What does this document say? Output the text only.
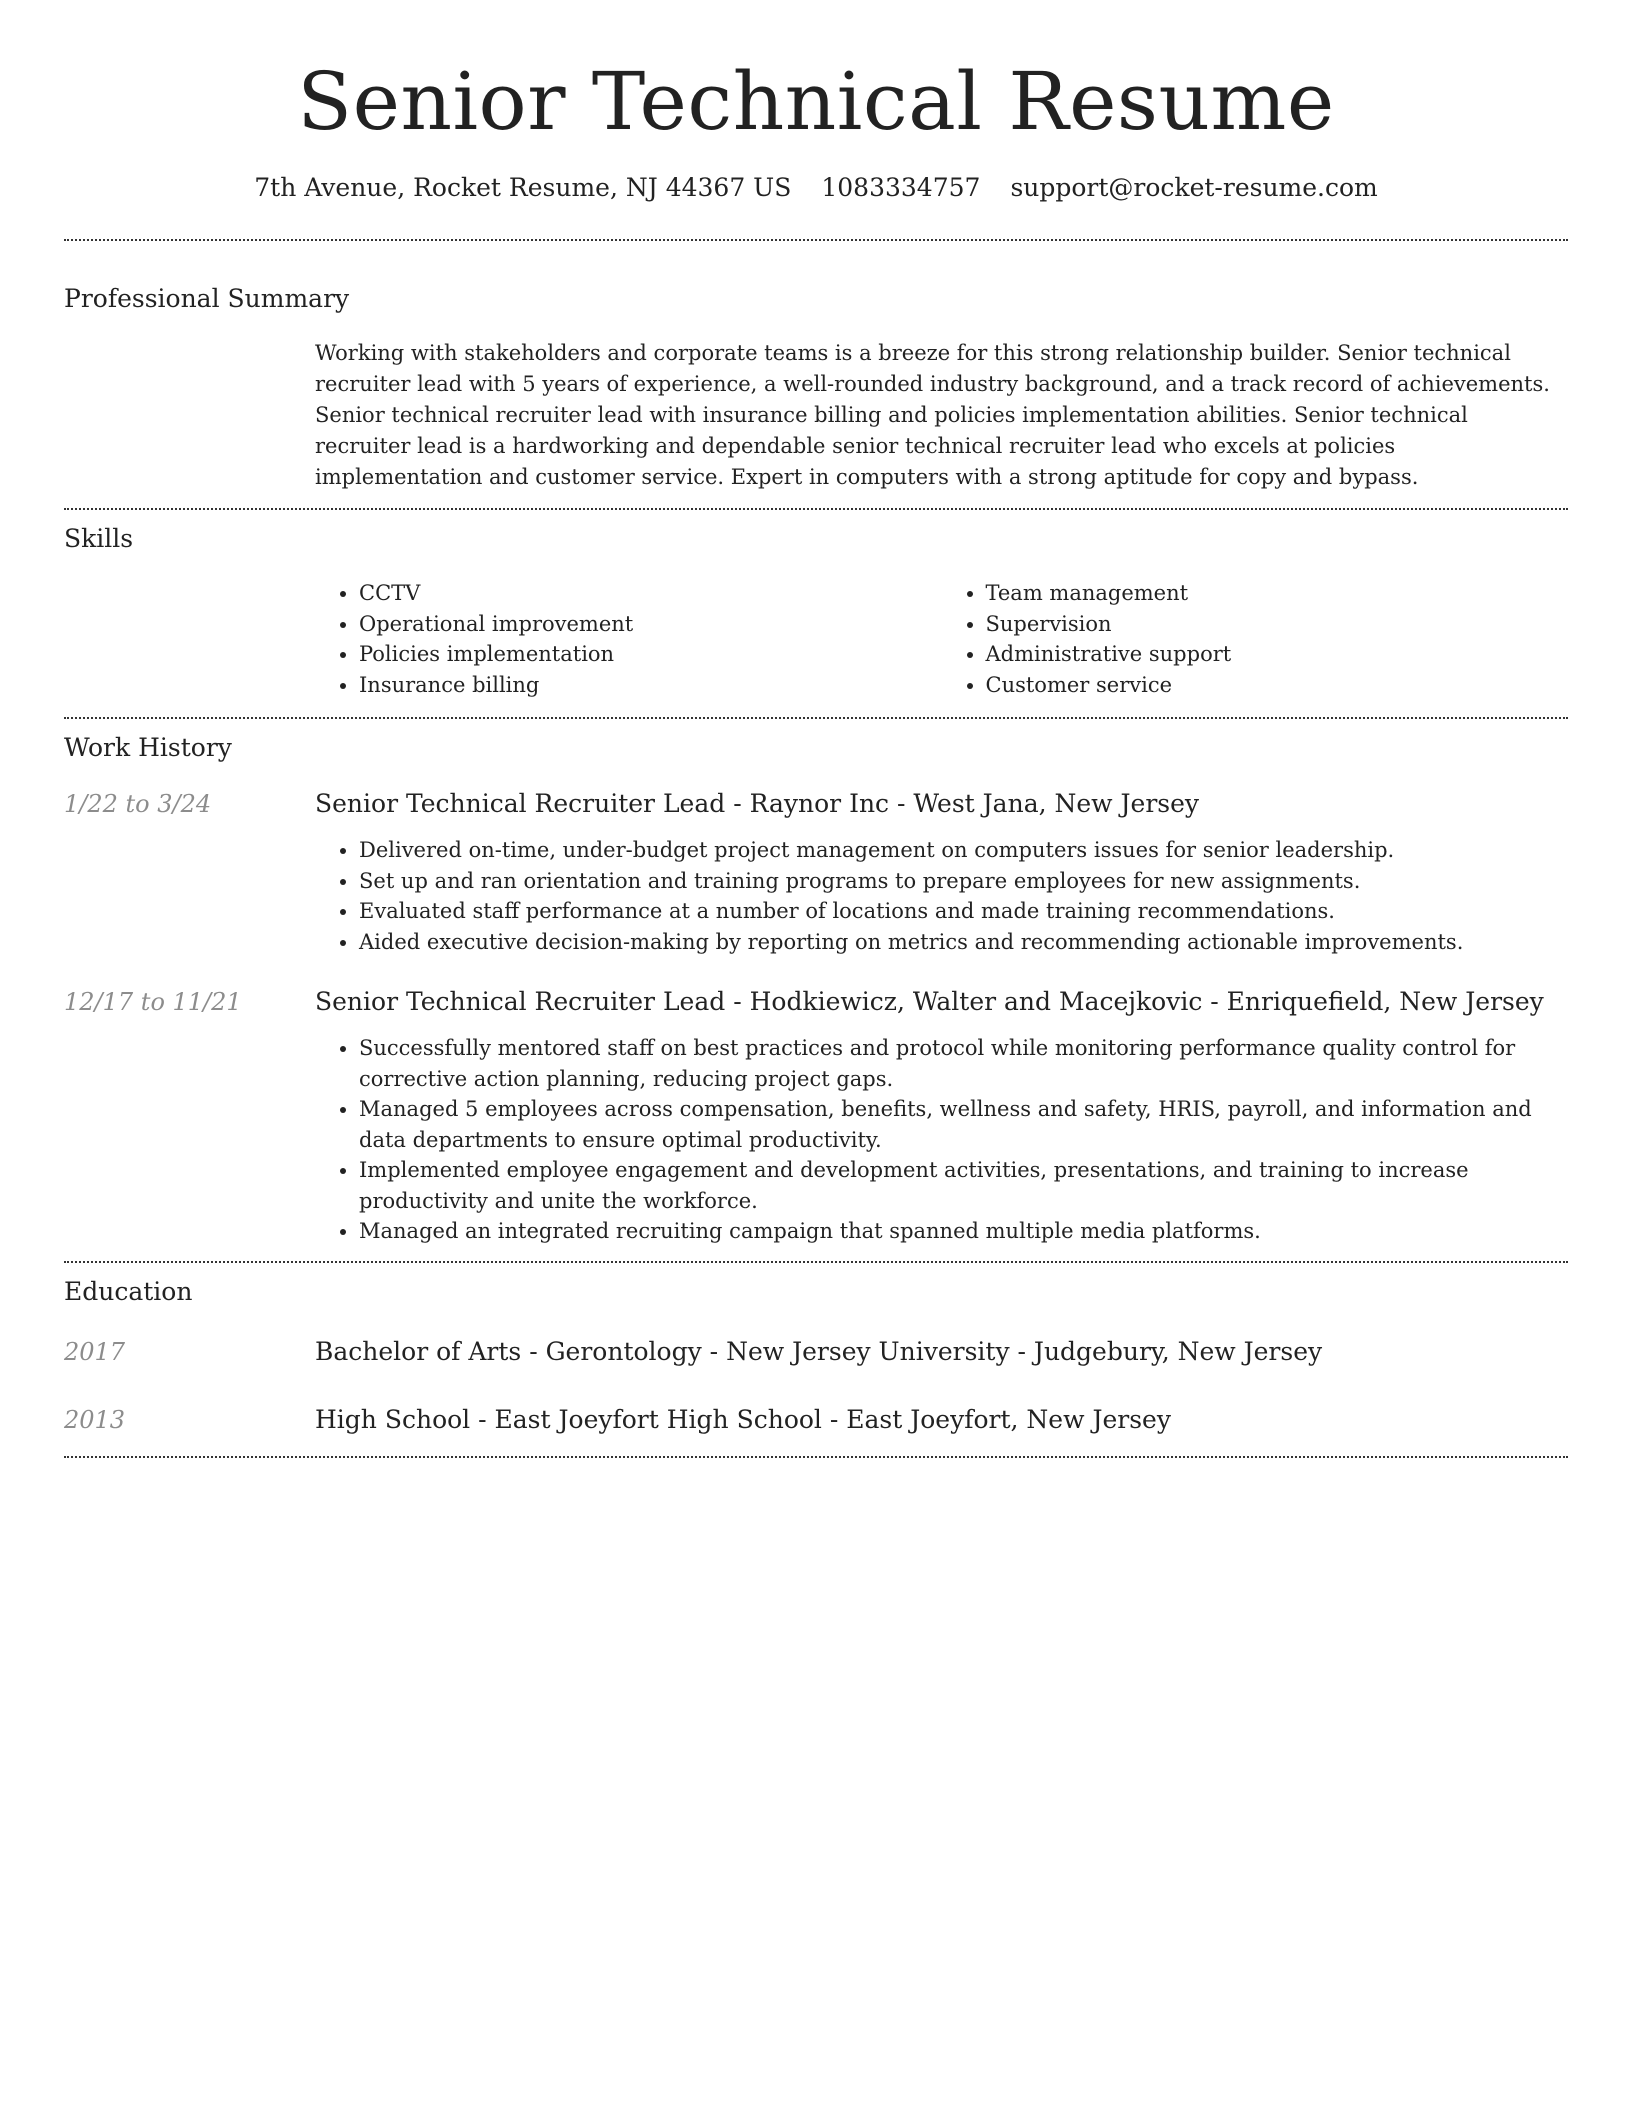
Senior Technical Resume
7th Avenue, Rocket Resume, NJ 44367 US 1083334757 support@rocket-resume.com
Professional Summary
Working with stakeholders and corporate teams is a breeze for this strong relationship builder. Senior technical recruiter lead with 5 years of experience, a well-rounded industry background, and a track record of achievements. Senior technical recruiter lead with insurance billing and policies implementation abilities. Senior technical recruiter lead is a hardworking and dependable senior technical recruiter lead who excels at policies implementation and customer service. Expert in computers with a strong aptitude for copy and bypass.
Skills
• CCTV
• Operational improvement
• Policies implementation
• Insurance billing
• Team management
• Supervision
• Administrative support
• Customer service
Work History
1/22 to 3/24	Senior Technical Recruiter Lead - Raynor Inc - West Jana, New Jersey
• Delivered on-time, under-budget project management on computers issues for senior leadership.
• Set up and ran orientation and training programs to prepare employees for new assignments.
• Evaluated staff performance at a number of locations and made training recommendations.
• Aided executive decision-making by reporting on metrics and recommending actionable improvements.
12/17 to 11/21	Senior Technical Recruiter Lead - Hodkiewicz, Walter and Macejkovic - Enriquefield, New Jersey
• Successfully mentored staff on best practices and protocol while monitoring performance quality control for corrective action planning, reducing project gaps.
• Managed 5 employees across compensation, benefits, wellness and safety, HRIS, payroll, and information and data departments to ensure optimal productivity.
• Implemented employee engagement and development activities, presentations, and training to increase productivity and unite the workforce.
• Managed an integrated recruiting campaign that spanned multiple media platforms.
Education
2017	Bachelor of Arts - Gerontology - New Jersey University - Judgebury, New Jersey
2013	High School - East Joeyfort High School - East Joeyfort, New Jersey
